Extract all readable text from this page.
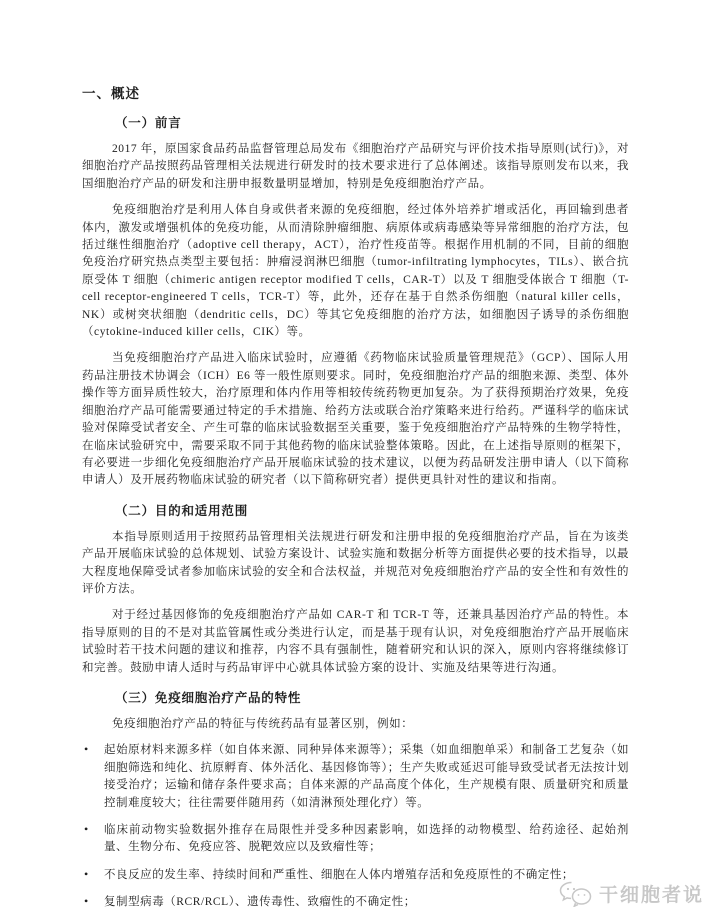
一、概述
（一）前言

2017 年，原国家食品药品监督管理总局发布《细胞治疗产品研究与评价技术指导原则(试行)》，对细胞治疗产品按照药品管理相关法规进行研发时的技术要求进行了总体阐述。该指导原则发布以来，我国细胞治疗产品的研发和注册申报数量明显增加，特别是免疫细胞治疗产品。

免疫细胞治疗是利用人体自身或供者来源的免疫细胞，经过体外培养扩增或活化，再回输到患者体内，激发或增强机体的免疫功能，从而清除肿瘤细胞、病原体或病毒感染等异常细胞的治疗方法，包括过继性细胞治疗（adoptive cell therapy，ACT），治疗性疫苗等。根据作用机制的不同，目前的细胞免疫治疗研究热点类型主要包括：肿瘤浸润淋巴细胞（tumor-infiltrating lymphocytes，TILs）、嵌合抗原受体 T 细胞（chimeric antigen receptor modified T cells，CAR-T）以及 T 细胞受体嵌合 T 细胞（T-cell receptor-engineered T cells，TCR-T）等，此外，还存在基于自然杀伤细胞（natural killer cells，NK）或树突状细胞（dendritic cells，DC）等其它免疫细胞的治疗方法，如细胞因子诱导的杀伤细胞（cytokine-induced killer cells，CIK）等。

当免疫细胞治疗产品进入临床试验时，应遵循《药物临床试验质量管理规范》（GCP）、国际人用药品注册技术协调会（ICH）E6 等一般性原则要求。同时，免疫细胞治疗产品的细胞来源、类型、体外操作等方面异质性较大，治疗原理和体内作用等相较传统药物更加复杂。为了获得预期治疗效果，免疫细胞治疗产品可能需要通过特定的手术措施、给药方法或联合治疗策略来进行给药。严谨科学的临床试验对保障受试者安全、产生可靠的临床试验数据至关重要，鉴于免疫细胞治疗产品特殊的生物学特性，在临床试验研究中，需要采取不同于其他药物的临床试验整体策略。因此，在上述指导原则的框架下，有必要进一步细化免疫细胞治疗产品开展临床试验的技术建议，以便为药品研发注册申请人（以下简称申请人）及开展药物临床试验的研究者（以下简称研究者）提供更具针对性的建议和指南。

（二）目的和适用范围

本指导原则适用于按照药品管理相关法规进行研发和注册申报的免疫细胞治疗产品，旨在为该类产品开展临床试验的总体规划、试验方案设计、试验实施和数据分析等方面提供必要的技术指导，以最大程度地保障受试者参加临床试验的安全和合法权益，并规范对免疫细胞治疗产品的安全性和有效性的评价方法。

对于经过基因修饰的免疫细胞治疗产品如 CAR-T 和 TCR-T 等，还兼具基因治疗产品的特性。本指导原则的目的不是对其监管属性或分类进行认定，而是基于现有认识，对免疫细胞治疗产品开展临床试验时若干技术问题的建议和推荐，内容不具有强制性，随着研究和认识的深入，原则内容将继续修订和完善。鼓励申请人适时与药品审评中心就具体试验方案的设计、实施及结果等进行沟通。

（三）免疫细胞治疗产品的特性

免疫细胞治疗产品的特征与传统药品有显著区别，例如：

• 起始原材料来源多样（如自体来源、同种异体来源等）；采集（如血细胞单采）和制备工艺复杂（如细胞筛选和纯化、抗原孵育、体外活化、基因修饰等）；生产失败或延迟可能导致受试者无法按计划接受治疗；运输和储存条件要求高；自体来源的产品高度个体化，生产规模有限、质量研究和质量控制难度较大；往往需要伴随用药（如清淋预处理化疗）等。
• 临床前动物实验数据外推存在局限性并受多种因素影响，如选择的动物模型、给药途径、起始剂量、生物分布、免疫应答、脱靶效应以及致瘤性等；
• 不良反应的发生率、持续时间和严重性、细胞在人体内增殖存活和免疫原性的不确定性；
• 复制型病毒（RCR/RCL）、遗传毒性、致瘤性的不确定性；	干细胞者说
